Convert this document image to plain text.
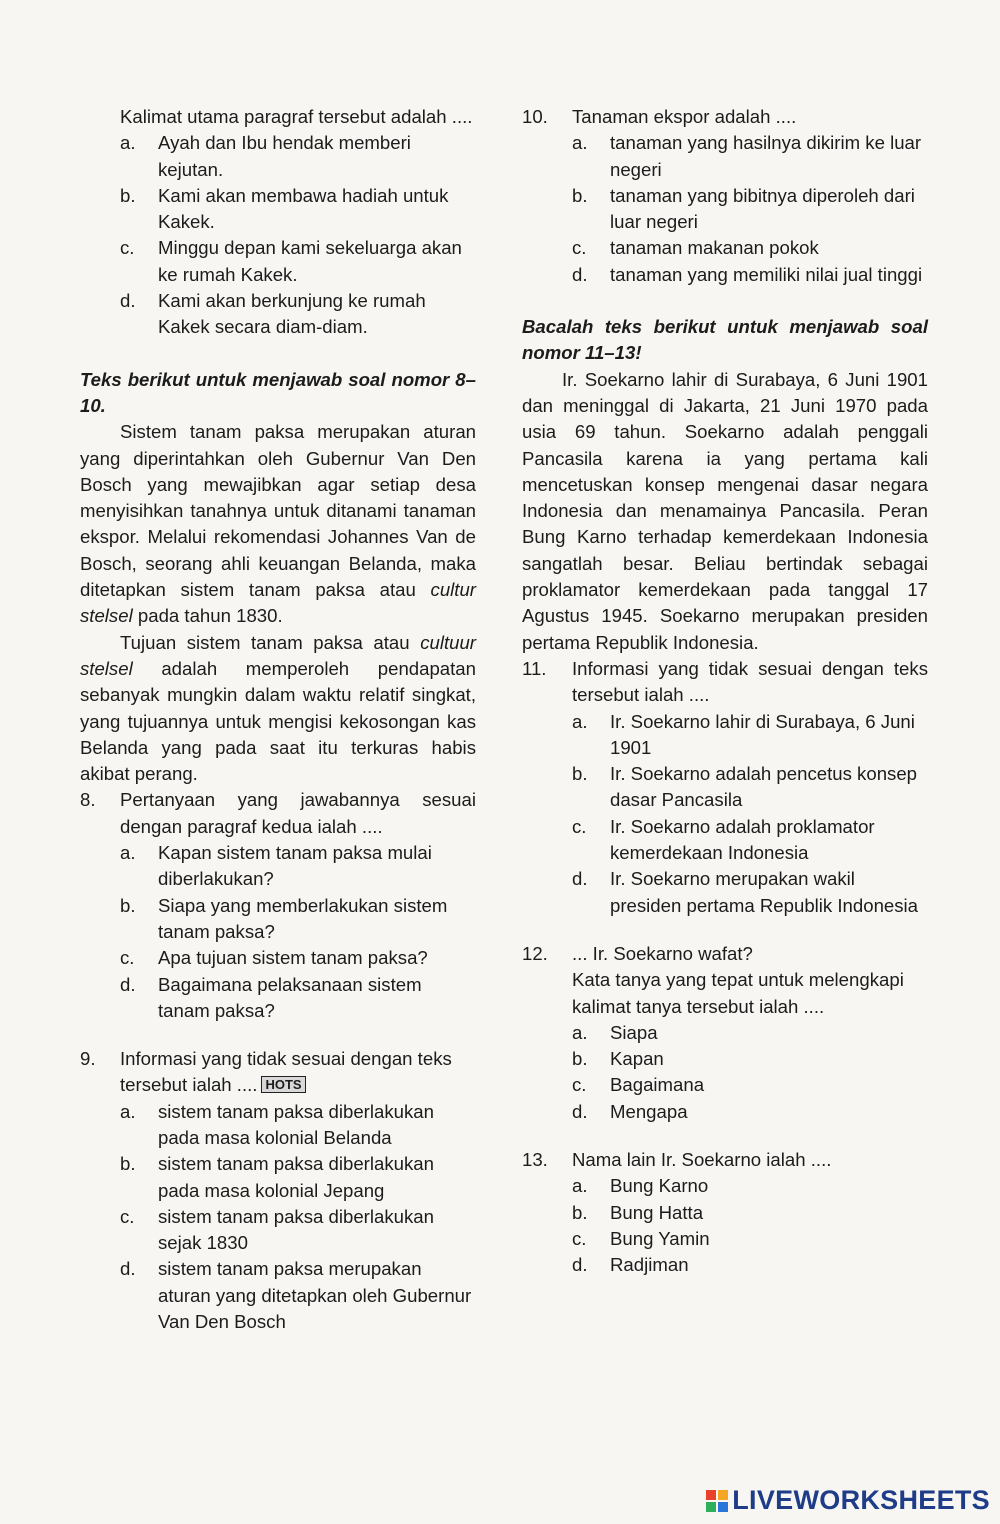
Kalimat utama paragraf tersebut adalah ....
a.	Ayah dan Ibu hendak memberi kejutan.
b.	Kami akan membawa hadiah untuk Kakek.
c.	Minggu depan kami sekeluarga akan ke rumah Kakek.
d.	Kami akan berkunjung ke rumah Kakek secara diam-diam.
Teks berikut untuk menjawab soal nomor 8–10.
Sistem tanam paksa merupakan aturan yang diperintahkan oleh Gubernur Van Den Bosch yang mewajibkan agar setiap desa menyisihkan tanahnya untuk ditanami tanaman ekspor. Melalui rekomendasi Johannes Van de Bosch, seorang ahli keuangan Belanda, maka ditetapkan sistem tanam paksa atau cultur stelsel pada tahun 1830.
Tujuan sistem tanam paksa atau cultuur stelsel adalah memperoleh pendapatan sebanyak mungkin dalam waktu relatif singkat, yang tujuannya untuk mengisi kekosongan kas Belanda yang pada saat itu terkuras habis akibat perang.
8.	Pertanyaan yang jawabannya sesuai dengan paragraf kedua ialah ....
a.	Kapan sistem tanam paksa mulai diberlakukan?
b.	Siapa yang memberlakukan sistem tanam paksa?
c.	Apa tujuan sistem tanam paksa?
d.	Bagaimana pelaksanaan sistem tanam paksa?
9.	Informasi yang tidak sesuai dengan teks tersebut ialah .... HOTS
a.	sistem tanam paksa diberlakukan pada masa kolonial Belanda
b.	sistem tanam paksa diberlakukan pada masa kolonial Jepang
c.	sistem tanam paksa diberlakukan sejak 1830
d.	sistem tanam paksa merupakan aturan yang ditetapkan oleh Gubernur Van Den Bosch
10.	Tanaman ekspor adalah ....
a.	tanaman yang hasilnya dikirim ke luar negeri
b.	tanaman yang bibitnya diperoleh dari luar negeri
c.	tanaman makanan pokok
d.	tanaman yang memiliki nilai jual tinggi
Bacalah teks berikut untuk menjawab soal nomor 11–13!
Ir. Soekarno lahir di Surabaya, 6 Juni 1901 dan meninggal di Jakarta, 21 Juni 1970 pada usia 69 tahun. Soekarno adalah penggali Pancasila karena ia yang pertama kali mencetuskan konsep mengenai dasar negara Indonesia dan menamainya Pancasila. Peran Bung Karno terhadap kemerdekaan Indonesia sangatlah besar. Beliau bertindak sebagai proklamator kemerdekaan pada tanggal 17 Agustus 1945. Soekarno merupakan presiden pertama Republik Indonesia.
11.	Informasi yang tidak sesuai dengan teks tersebut ialah ....
a.	Ir. Soekarno lahir di Surabaya, 6 Juni 1901
b.	Ir. Soekarno adalah pencetus konsep dasar Pancasila
c.	Ir. Soekarno adalah proklamator kemerdekaan Indonesia
d.	Ir. Soekarno merupakan wakil presiden pertama Republik Indonesia
12.	... Ir. Soekarno wafat?
Kata tanya yang tepat untuk melengkapi kalimat tanya tersebut ialah ....
a.	Siapa
b.	Kapan
c.	Bagaimana
d.	Mengapa
13.	Nama lain Ir. Soekarno ialah ....
a.	Bung Karno
b.	Bung Hatta
c.	Bung Yamin
d.	Radjiman
LIVEWORKSHEETS
